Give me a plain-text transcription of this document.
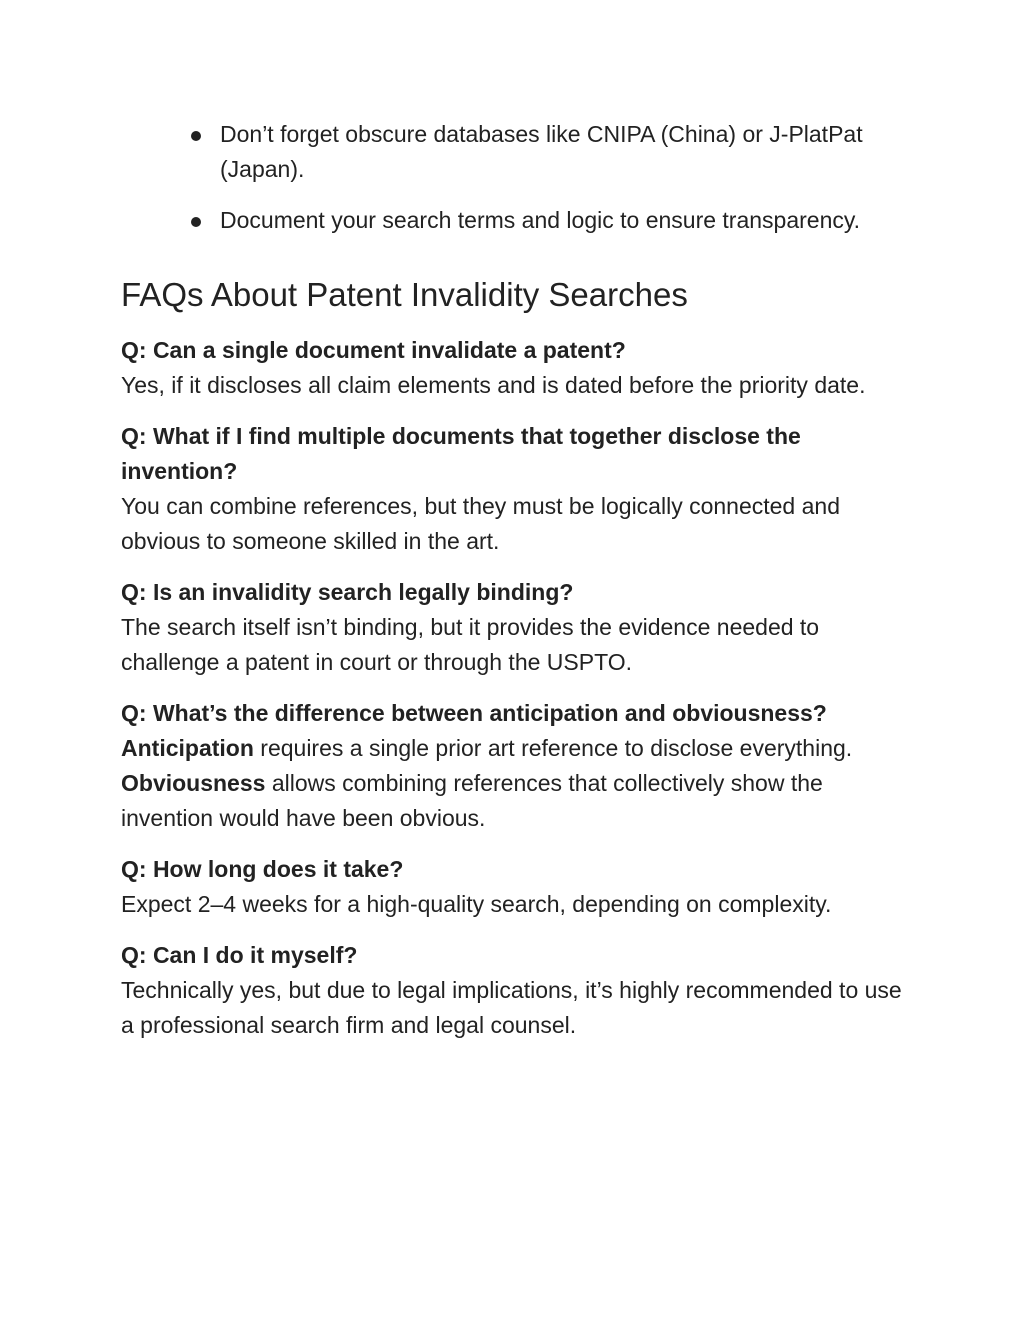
Don’t forget obscure databases like CNIPA (China) or J-PlatPat (Japan).
Document your search terms and logic to ensure transparency.
FAQs About Patent Invalidity Searches
Q: Can a single document invalidate a patent?
Yes, if it discloses all claim elements and is dated before the priority date.
Q: What if I find multiple documents that together disclose the invention?
You can combine references, but they must be logically connected and obvious to someone skilled in the art.
Q: Is an invalidity search legally binding?
The search itself isn’t binding, but it provides the evidence needed to challenge a patent in court or through the USPTO.
Q: What’s the difference between anticipation and obviousness?
Anticipation requires a single prior art reference to disclose everything.
Obviousness allows combining references that collectively show the invention would have been obvious.
Q: How long does it take?
Expect 2–4 weeks for a high-quality search, depending on complexity.
Q: Can I do it myself?
Technically yes, but due to legal implications, it’s highly recommended to use a professional search firm and legal counsel.
